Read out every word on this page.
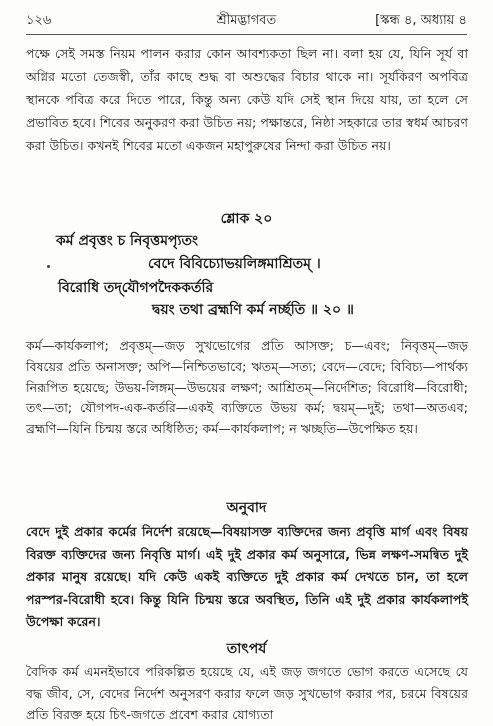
১২৬	শ্রীমদ্ভাগবত	[স্কন্ধ ৪, অধ্যায় ৪
পক্ষে সেই সমস্ত নিয়ম পালন করার কোন আবশ্যকতা ছিল না। বলা হয় যে, যিনি সূর্য বা অগ্নির মতো তেজস্বী, তাঁর কাছে শুদ্ধ বা অশুদ্ধের বিচার থাকে না। সূর্যকিরণ অপবিত্র স্থানকে পবিত্র করে দিতে পারে, কিন্তু অন্য কেউ যদি সেই স্থান দিয়ে যায়, তা হলে সে প্রভাবিত হবে। শিবের অনুকরণ করা উচিত নয়; পক্ষান্তরে, নিষ্ঠা সহকারে তার স্বধর্ম আচরণ করা উচিত। কখনই শিবের মতো একজন মহাপুরুষের নিন্দা করা উচিত নয়।
শ্লোক ২০
কর্ম প্রবৃত্তং চ নিবৃত্তমপ্যৃতং
বেদে বিবিচ্যোভয়লিঙ্গমাশ্রিতম্ ।
বিরোধি তদ্‌যৌগপদৈককর্তরি
দ্বয়ং তথা ব্রহ্মণি কর্ম নর্চ্ছতি ॥ ২০ ॥
কর্ম—কার্যকলাপ; প্রবৃত্তম্—জড় সুখভোগের প্রতি আসক্ত; চ—এবং; নিবৃত্তম্—জড় বিষয়ের প্রতি অনাসক্ত; অপি—নিশ্চিতভাবে; ঋতম্—সত্য; বেদে—বেদে; বিবিচ্য—পার্থক্য নিরূপিত হয়েছে; উভয়-লিঙ্গম্—উভয়ের লক্ষণ; আশ্রিতম্—নির্দেশিত; বিরোধি—বিরোধী; তৎ—তা; যৌগপদ-এক-কর্তরি—একই ব্যক্তিতে উভয় কর্ম; দ্বয়ম্—দুই; তথা—অতএব; ব্রহ্মণি—যিনি চিন্ময় স্তরে অধিষ্ঠিত; কর্ম—কার্যকলাপ; ন ঋচ্ছতি—উপেক্ষিত হয়।
অনুবাদ
বেদে দুই প্রকার কর্মের নির্দেশ রয়েছে—বিষয়াসক্ত ব্যক্তিদের জন্য প্রবৃত্তি মার্গ এবং বিষয় বিরক্ত ব্যক্তিদের জন্য নিবৃত্তি মার্গ। এই দুই প্রকার কর্ম অনুসারে, ভিন্ন লক্ষণ-সমন্বিত দুই প্রকার মানুষ রয়েছে। যদি কেউ একই ব্যক্তিতে দুই প্রকার কর্ম দেখতে চান, তা হলে পরস্পর-বিরোধী হবে। কিন্তু যিনি চিন্ময় স্তরে অবস্থিত, তিনি এই দুই প্রকার কার্যকলাপই উপেক্ষা করেন।
তাৎপর্য
বৈদিক কর্ম এমনইভাবে পরিকল্পিত হয়েছে যে, এই জড় জগতে ভোগ করতে এসেছে যে বদ্ধ জীব, সে, বেদের নির্দেশ অনুসরণ করার ফলে জড় সুখভোগ করার পর, চরমে বিষয়ের প্রতি বিরক্ত হয়ে চিৎ-জগতে প্রবেশ করার যোগ্যতা
